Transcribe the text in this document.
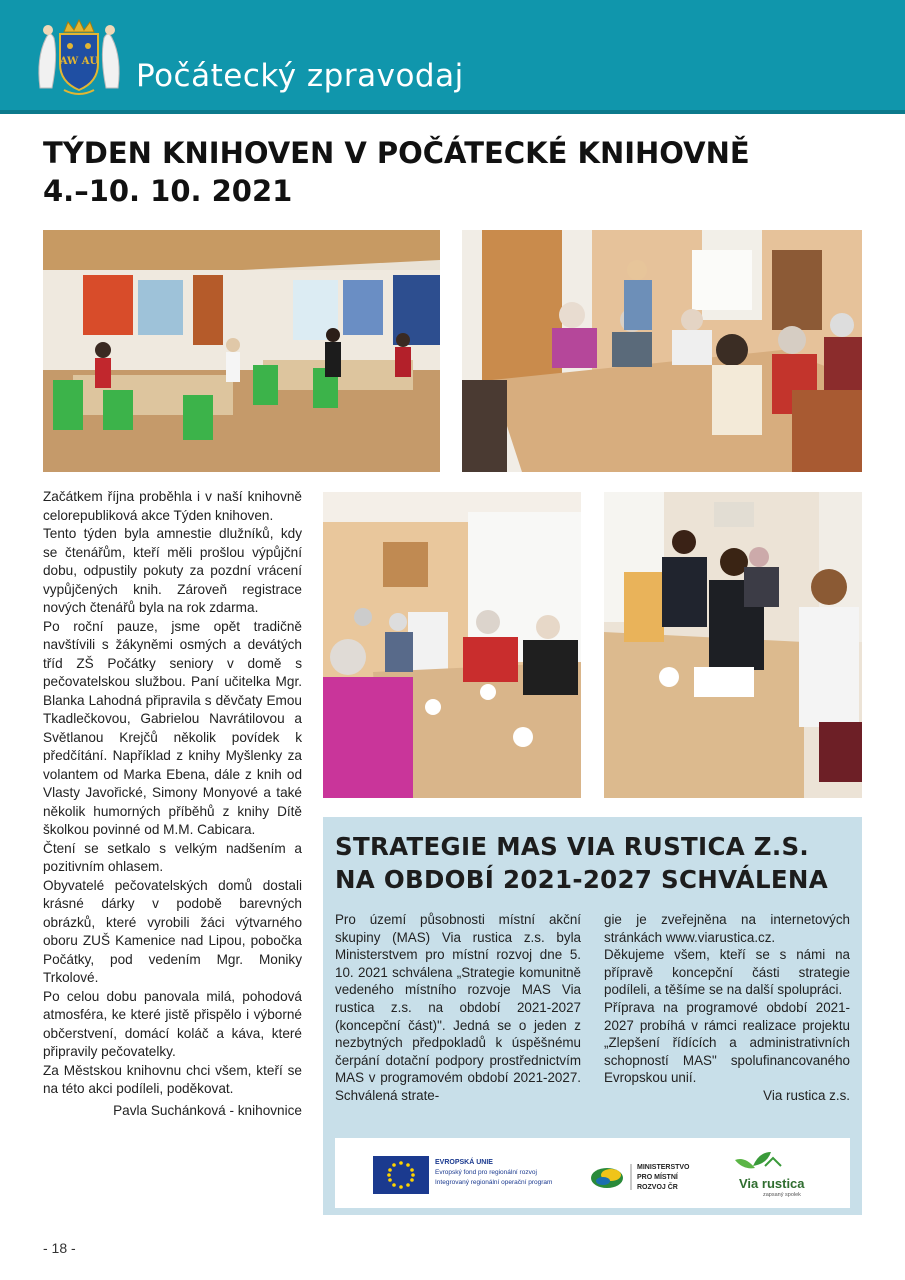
AW AU Počátecký zpravodaj
TÝDEN KNIHOVEN V POČÁTECKÉ KNIHOVNĚ
4.–10. 10. 2021

Začátkem října proběhla i v naší knihovně celorepubliková akce Týden knihoven.

Tento týden byla amnestie dlužníků, kdy se čtenářům, kteří měli prošlou výpůjční dobu, odpustily pokuty za pozdní vrácení vypůjčených knih. Zároveň registrace nových čtenářů byla na rok zdarma.

Po roční pauze, jsme opět tradičně navštívili s žákyněmi osmých a devátých tříd ZŠ Počátky seniory v domě s pečovatelskou službou. Paní učitelka Mgr. Blanka Lahodná připravila s děvčaty Emou Tkadlečkovou, Gabrielou Navrátilovou a Světlanou Krejčů několik povídek k předčítání. Například z knihy Myšlenky za volantem od Marka Ebena, dále z knih od Vlasty Javořické, Simony Monyové a také několik humorných příběhů z knihy Dítě školkou povinné od M.M. Cabicara.

Čtení se setkalo s velkým nadšením a pozitivním ohlasem.

Obyvatelé pečovatelských domů dostali krásné dárky v podobě barevných obrázků, které vyrobili žáci výtvarného oboru ZUŠ Kamenice nad Lipou, pobočka Počátky, pod vedením Mgr. Moniky Trkolové.

Po celou dobu panovala milá, pohodová atmosféra, ke které jistě přispělo i výborné občerstvení, domácí koláč a káva, které připravily pečovatelky.

Za Městskou knihovnu chci všem, kteří se na této akci podíleli, poděkovat.

Pavla Suchánková - knihovnice

STRATEGIE MAS VIA RUSTICA Z.S.
NA OBDOBÍ 2021-2027 SCHVÁLENA

Pro území působnosti místní akční skupiny (MAS) Via rustica z.s. byla Ministerstvem pro místní rozvoj dne 5. 10. 2021 schválena „Strategie komunitně vedeného místního rozvoje MAS Via rustica z.s. na období 2021-2027 (koncepční část)". Jedná se o jeden z nezbytných předpokladů k úspěšnému čerpání dotační podpory prostřednictvím MAS v programovém období 2021-2027. Schválená strate-

gie je zveřejněna na internetových stránkách www.viarustica.cz.

Děkujeme všem, kteří se s námi na přípravě koncepční části strategie podíleli, a těšíme se na další spolupráci.

Příprava na programové období 2021-2027 probíhá v rámci realizace projektu „Zlepšení řídících a administrativních schopností MAS" spolufinancovaného Evropskou unií.

Via rustica z.s.

EVROPSKÁ UNIE
Evropský fond pro regionální rozvoj
Integrovaný regionální operační program
MINISTERSTVO
PRO MÍSTNÍ
ROZVOJ ČR	Via rustica
zapsaný spolek
- 18 -
